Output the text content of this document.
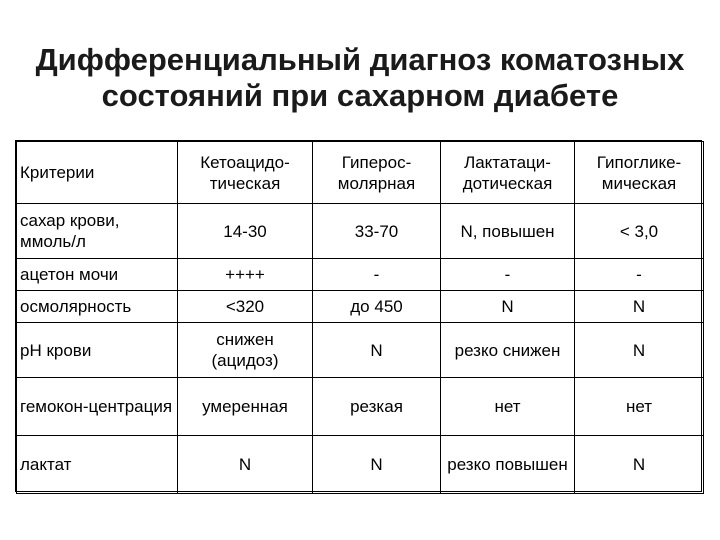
Дифференциальный диагноз коматозных
состояний при сахарном диабете
Критерии	Кетоацидо-тическая	Гиперос-молярная	Лактатаци-дотическая	Гипоглике-мическая
сахар крови, ммоль/л	14-30	33-70	N, повышен	< 3,0
ацетон мочи	++++	-	-	-
осмолярность	<320	до 450	N	N
рН крови	снижен (ацидоз)	N	резко снижен	N
гемокон-центрация	умеренная	резкая	нет	нет
лактат	N	N	резко повышен	N
